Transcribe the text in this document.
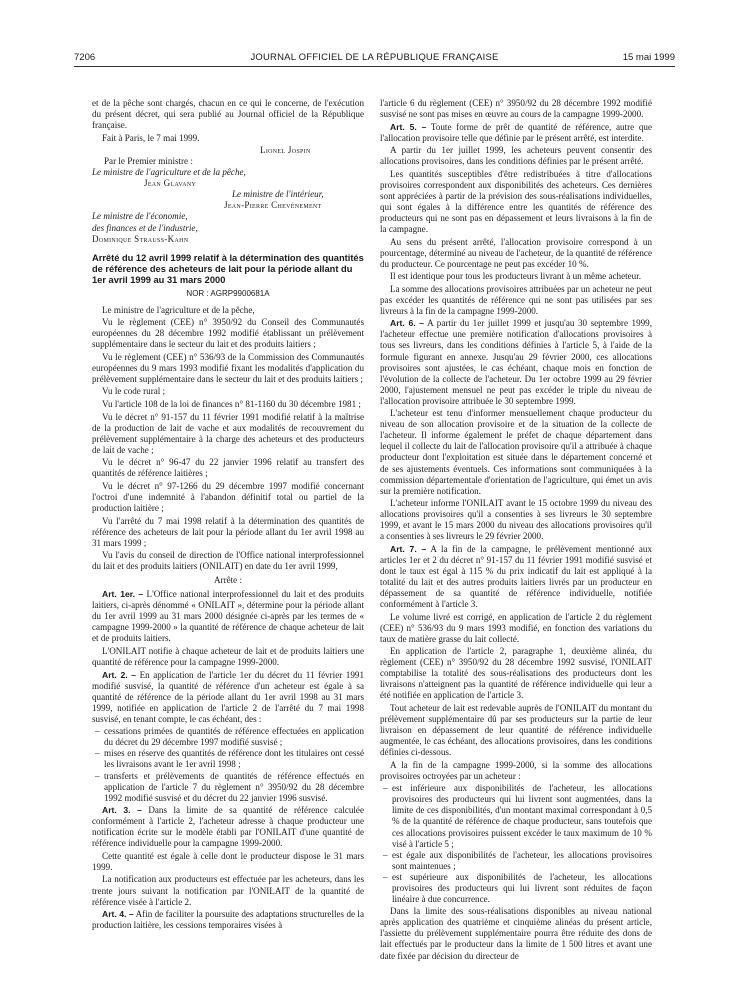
7206	JOURNAL OFFICIEL DE LA RÉPUBLIQUE FRANÇAISE	15 mai 1999

et de la pêche sont chargés, chacun en ce qui le concerne, de l'exécution du présent décret, qui sera publié au Journal officiel de la République française.

Fait à Paris, le 7 mai 1999.

Lionel Jospin

Par le Premier ministre :

Le ministre de l'agriculture et de la pêche,

Jean Glavany

Le ministre de l'intérieur,

Jean-Pierre Chevènement

Le ministre de l'économie,

des finances et de l'industrie,

Dominique Strauss-Kahn

Arrêté du 12 avril 1999 relatif à la détermination des quantités de référence des acheteurs de lait pour la période allant du 1er avril 1999 au 31 mars 2000

NOR : AGRP9900681A

Le ministre de l'agriculture et de la pêche,

Vu le règlement (CEE) n° 3950/92 du Conseil des Communautés européennes du 28 décembre 1992 modifié établissant un prélèvement supplémentaire dans le secteur du lait et des produits laitiers ;

Vu le règlement (CEE) n° 536/93 de la Commission des Communautés européennes du 9 mars 1993 modifié fixant les modalités d'application du prélèvement supplémentaire dans le secteur du lait et des produits laitiers ;

Vu le code rural ;

Vu l'article 108 de la loi de finances n° 81-1160 du 30 décembre 1981 ;

Vu le décret n° 91-157 du 11 février 1991 modifié relatif à la maîtrise de la production de lait de vache et aux modalités de recouvrement du prélèvement supplémentaire à la charge des acheteurs et des producteurs de lait de vache ;

Vu le décret n° 96-47 du 22 janvier 1996 relatif au transfert des quantités de référence laitières ;

Vu le décret n° 97-1266 du 29 décembre 1997 modifié concernant l'octroi d'une indemnité à l'abandon définitif total ou partiel de la production laitière ;

Vu l'arrêté du 7 mai 1998 relatif à la détermination des quantités de référence des acheteurs de lait pour la période allant du 1er avril 1998 au 31 mars 1999 ;

Vu l'avis du conseil de direction de l'Office national interprofessionnel du lait et des produits laitiers (ONILAIT) en date du 1er avril 1999,

Arrête :

Art. 1er. – L'Office national interprofessionnel du lait et des produits laitiers, ci-après dénommé « ONILAIT », détermine pour la période allant du 1er avril 1999 au 31 mars 2000 désignée ci-après par les termes de « campagne 1999-2000 » la quantité de référence de chaque acheteur de lait et de produits laitiers.

L'ONILAIT notifie à chaque acheteur de lait et de produits laitiers une quantité de référence pour la campagne 1999-2000.

Art. 2. – En application de l'article 1er du décret du 11 février 1991 modifié susvisé, la quantité de référence d'un acheteur est égale à sa quantité de référence de la période allant du 1er avril 1998 au 31 mars 1999, notifiée en application de l'article 2 de l'arrêté du 7 mai 1998 susvisé, en tenant compte, le cas échéant, des :

– cessations primées de quantités de référence effectuées en application du décret du 29 décembre 1997 modifié susvisé ;
– mises en réserve des quantités de référence dont les titulaires ont cessé les livraisons avant le 1er avril 1998 ;
– transferts et prélèvements de quantités de référence effectués en application de l'article 7 du règlement n° 3950/92 du 28 décembre 1992 modifié susvisé et du décret du 22 janvier 1996 susvisé.

Art. 3. – Dans la limite de sa quantité de référence calculée conformément à l'article 2, l'acheteur adresse à chaque producteur une notification écrite sur le modèle établi par l'ONILAIT d'une quantité de référence individuelle pour la campagne 1999-2000.

Cette quantité est égale à celle dont le producteur dispose le 31 mars 1999.

La notification aux producteurs est effectuée par les acheteurs, dans les trente jours suivant la notification par l'ONILAIT de la quantité de référence visée à l'article 2.

Art. 4. – Afin de faciliter la poursuite des adaptations structurelles de la production laitière, les cessions temporaires visées à

l'article 6 du règlement (CEE) n° 3950/92 du 28 décembre 1992 modifié susvisé ne sont pas mises en œuvre au cours de la campagne 1999-2000.

Art. 5. – Toute forme de prêt de quantité de référence, autre que l'allocation provisoire telle que définie par le présent arrêté, est interdite.

A partir du 1er juillet 1999, les acheteurs peuvent consentir des allocations provisoires, dans les conditions définies par le présent arrêté.

Les quantités susceptibles d'être redistribuées à titre d'allocations provisoires correspondent aux disponibilités des acheteurs. Ces dernières sont appréciées à partir de la prévision des sous-réalisations individuelles, qui sont égales à la différence entre les quantités de référence des producteurs qui ne sont pas en dépassement et leurs livraisons à la fin de la campagne.

Au sens du présent arrêté, l'allocation provisoire correspond à un pourcentage, déterminé au niveau de l'acheteur, de la quantité de référence du producteur. Ce pourcentage ne peut pas excéder 10 %.

Il est identique pour tous les producteurs livrant à un même acheteur.

La somme des allocations provisoires attribuées par un acheteur ne peut pas excéder les quantités de référence qui ne sont pas utilisées par ses livreurs à la fin de la campagne 1999-2000.

Art. 6. – A partir du 1er juillet 1999 et jusqu'au 30 septembre 1999, l'acheteur effectue une première notification d'allocations provisoires à tous ses livreurs, dans les conditions définies à l'article 5, à l'aide de la formule figurant en annexe. Jusqu'au 29 février 2000, ces allocations provisoires sont ajustées, le cas échéant, chaque mois en fonction de l'évolution de la collecte de l'acheteur. Du 1er octobre 1999 au 29 février 2000, l'ajustement mensuel ne peut pas excéder le triple du niveau de l'allocation provisoire attribuée le 30 septembre 1999.

L'acheteur est tenu d'informer mensuellement chaque producteur du niveau de son allocation provisoire et de la situation de la collecte de l'acheteur. Il informe également le préfet de chaque département dans lequel il collecte du lait de l'allocation provisoire qu'il a attribuée à chaque producteur dont l'exploitation est située dans le département concerné et de ses ajustements éventuels. Ces informations sont communiquées à la commission départementale d'orientation de l'agriculture, qui émet un avis sur la première notification.

L'acheteur informe l'ONILAIT avant le 15 octobre 1999 du niveau des allocations provisoires qu'il a consenties à ses livreurs le 30 septembre 1999, et avant le 15 mars 2000 du niveau des allocations provisoires qu'il a consenties à ses livreurs le 29 février 2000.

Art. 7. – A la fin de la campagne, le prélèvement mentionné aux articles 1er et 2 du décret n° 91-157 du 11 février 1991 modifié susvisé et dont le taux est égal à 115 % du prix indicatif du lait est appliqué à la totalité du lait et des autres produits laitiers livrés par un producteur en dépassement de sa quantité de référence individuelle, notifiée conformément à l'article 3.

Le volume livré est corrigé, en application de l'article 2 du règlement (CEE) n° 536/93 du 9 mars 1993 modifié, en fonction des variations du taux de matière grasse du lait collecté.

En application de l'article 2, paragraphe 1, deuxième alinéa, du règlement (CEE) n° 3950/92 du 28 décembre 1992 susvisé, l'ONILAIT comptabilise la totalité des sous-réalisations des producteurs dont les livraisons n'atteignent pas la quantité de référence individuelle qui leur a été notifiée en application de l'article 3.

Tout acheteur de lait est redevable auprès de l'ONILAIT du montant du prélèvement supplémentaire dû par ses producteurs sur la partie de leur livraison en dépassement de leur quantité de référence individuelle augmentée, le cas échéant, des allocations provisoires, dans les conditions définies ci-dessous.

A la fin de la campagne 1999-2000, si la somme des allocations provisoires octroyées par un acheteur :

– est inférieure aux disponibilités de l'acheteur, les allocations provisoires des producteurs qui lui livrent sont augmentées, dans la limite de ces disponibilités, d'un montant maximal correspondant à 0,5 % de la quantité de référence de chaque producteur, sans toutefois que ces allocations provisoires puissent excéder le taux maximum de 10 % visé à l'article 5 ;
– est égale aux disponibilités de l'acheteur, les allocations provisoires sont maintenues ;
– est supérieure aux disponibilités de l'acheteur, les allocations provisoires des producteurs qui lui livrent sont réduites de façon linéaire à due concurrence.

Dans la limite des sous-réalisations disponibles au niveau national après application des quatrième et cinquième alinéas du présent article, l'assiette du prélèvement supplémentaire pourra être réduite des dons de lait effectués par le producteur dans la limite de 1 500 litres et avant une date fixée par décision du directeur de
